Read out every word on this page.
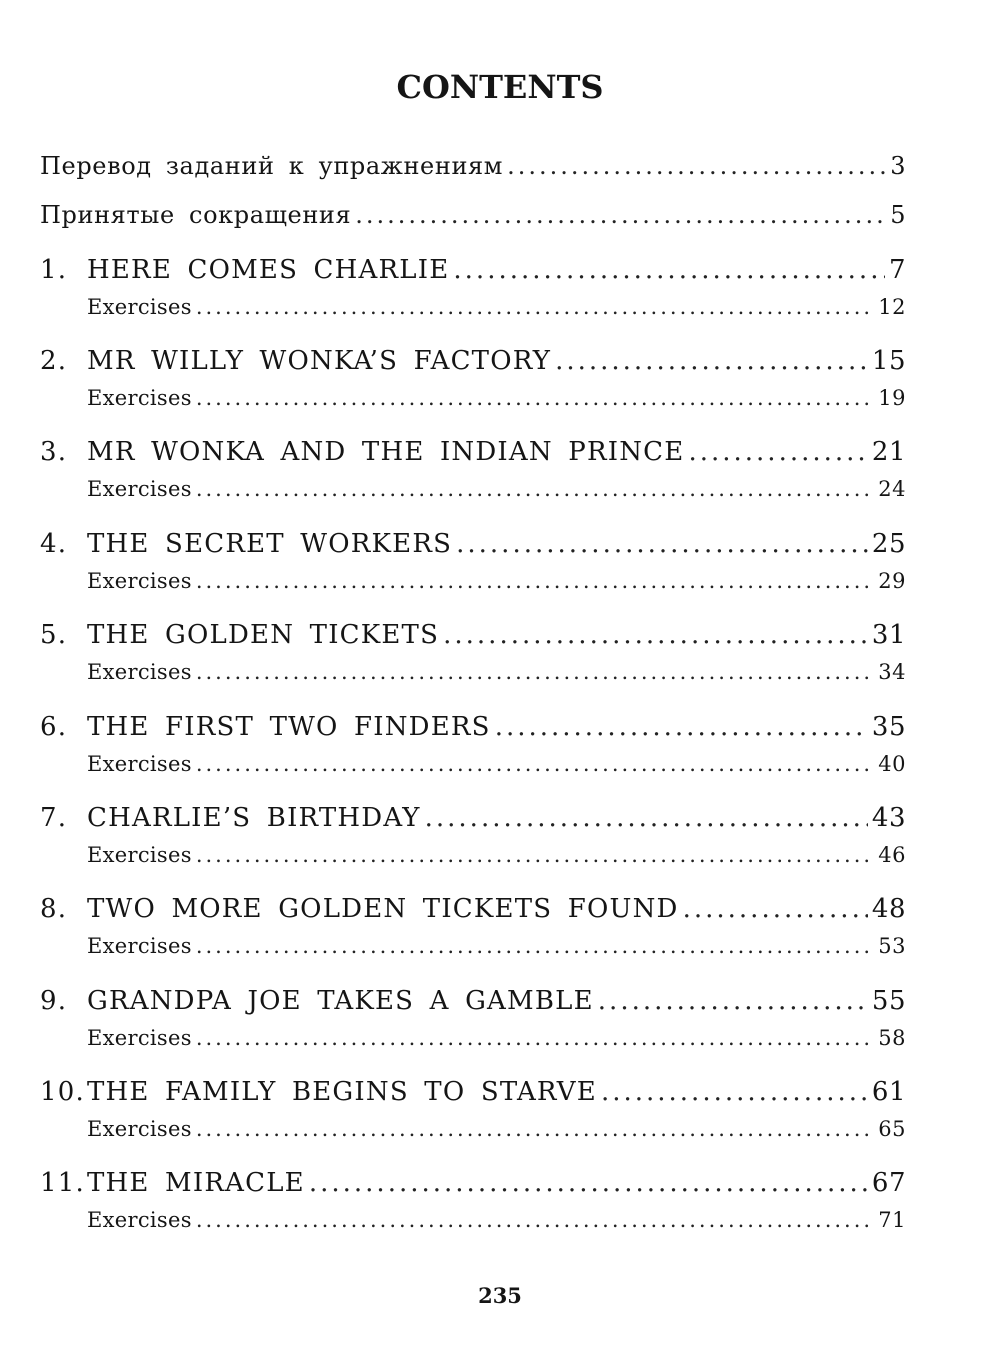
CONTENTS
Перевод заданий к упражнениям .....	3
Принятые сокращения .....	5
1. HERE COMES CHARLIE .....	7
Exercises .....	12
2. MR WILLY WONKA’S FACTORY .....	15
Exercises .....	19
3. MR WONKA AND THE INDIAN PRINCE .....	21
Exercises .....	24
4. THE SECRET WORKERS .....	25
Exercises .....	29
5. THE GOLDEN TICKETS .....	31
Exercises .....	34
6. THE FIRST TWO FINDERS .....	35
Exercises .....	40
7. CHARLIE’S BIRTHDAY .....	43
Exercises .....	46
8. TWO MORE GOLDEN TICKETS FOUND .....	48
Exercises .....	53
9. GRANDPA JOE TAKES A GAMBLE .....	55
Exercises .....	58
10. THE FAMILY BEGINS TO STARVE .....	61
Exercises .....	65
11. THE MIRACLE .....	67
Exercises .....	71
235
